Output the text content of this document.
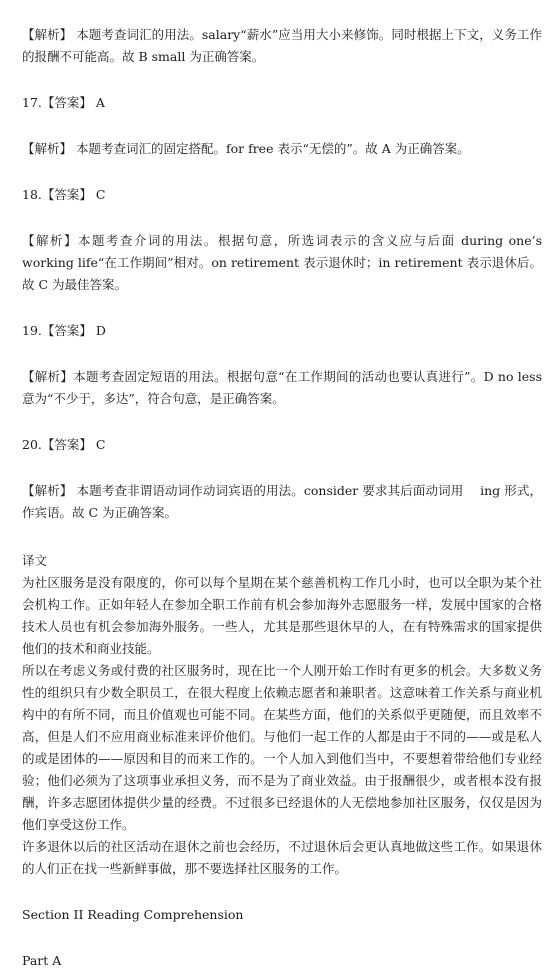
【解析】 本题考查词汇的用法。salary“薪水”应当用大小来修饰。同时根据上下文，义务工作的报酬不可能高。故 B small 为正确答案。

17.【答案】 A

【解析】 本题考查词汇的固定搭配。for free 表示“无偿的”。故 A 为正确答案。

18.【答案】 C

【解析】本题考查介词的用法。根据句意，所选词表示的含义应与后面 during one’s working life“在工作期间”相对。on retirement 表示退休时；in retirement 表示退休后。故 C 为最佳答案。

19.【答案】 D

【解析】本题考查固定短语的用法。根据句意“在工作期间的活动也要认真进行”。D no less 意为“不少于，多达”，符合句意，是正确答案。

20.【答案】 C

【解析】 本题考查非谓语动词作动词宾语的用法。consider 要求其后面动词用　 ing 形式，作宾语。故 C 为正确答案。

译文

为社区服务是没有限度的，你可以每个星期在某个慈善机构工作几小时，也可以全职为某个社会机构工作。正如年轻人在参加全职工作前有机会参加海外志愿服务一样，发展中国家的合格技术人员也有机会参加海外服务。一些人，尤其是那些退休早的人，在有特殊需求的国家提供他们的技术和商业技能。

所以在考虑义务或付费的社区服务时，现在比一个人刚开始工作时有更多的机会。大多数义务性的组织只有少数全职员工，在很大程度上依赖志愿者和兼职者。这意味着工作关系与商业机构中的有所不同，而且价值观也可能不同。在某些方面，他们的关系似乎更随便，而且效率不高，但是人们不应用商业标准来评价他们。与他们一起工作的人都是由于不同的——或是私人的或是团体的——原因和目的而来工作的。一个人加入到他们当中，不要想着带给他们专业经验；他们必须为了这项事业承担义务，而不是为了商业效益。由于报酬很少，或者根本没有报酬，许多志愿团体提供少量的经费。不过很多已经退休的人无偿地参加社区服务，仅仅是因为他们享受这份工作。

许多退休以后的社区活动在退休之前也会经历，不过退休后会更认真地做这些工作。如果退休的人们正在找一些新鲜事做，那不要选择社区服务的工作。

Section II Reading Comprehension

Part A
